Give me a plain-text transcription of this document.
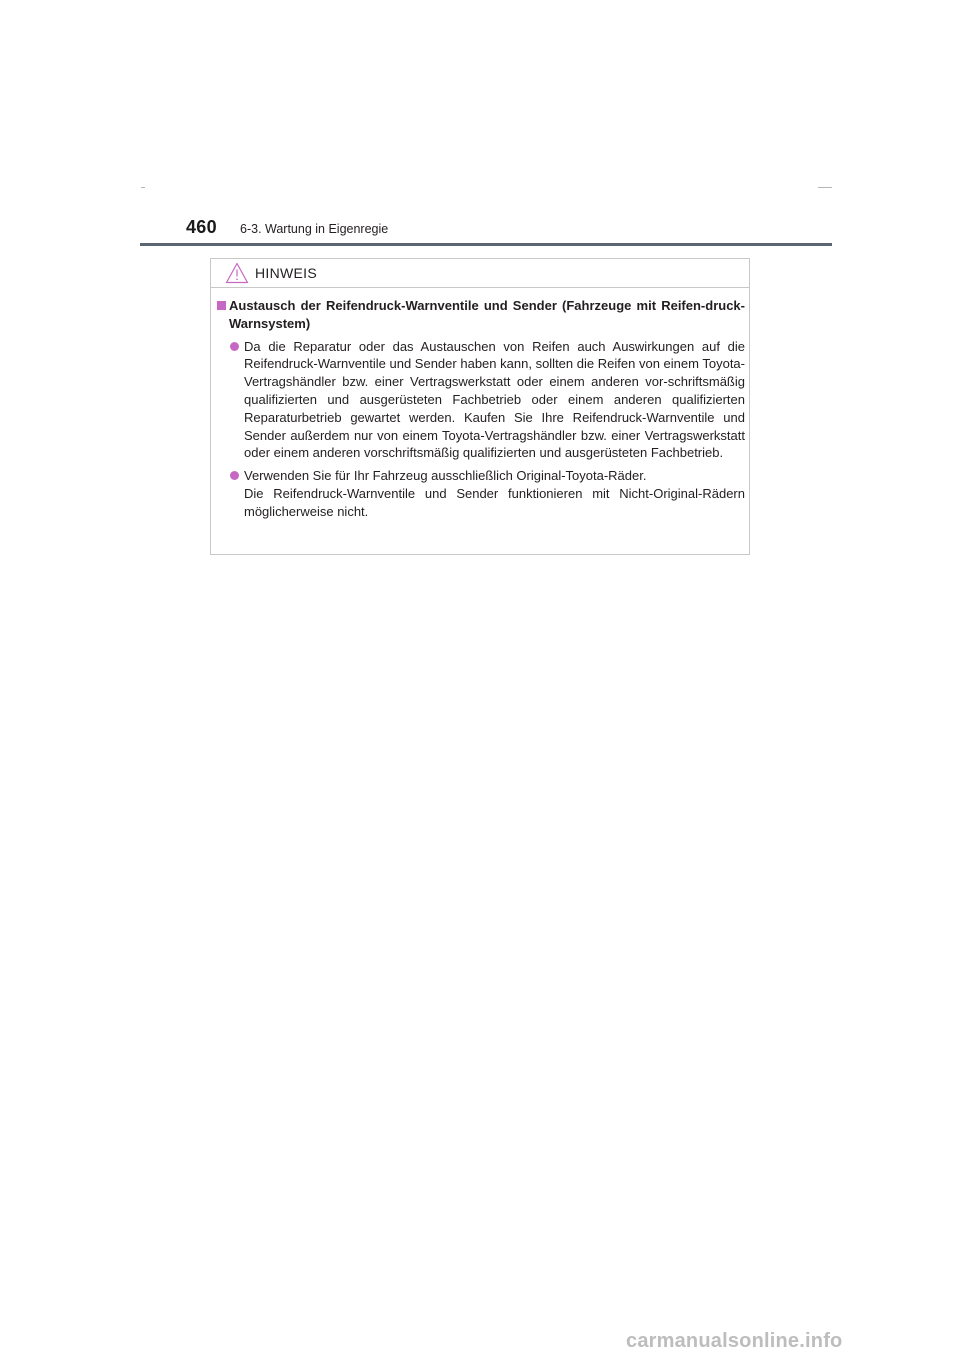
460 6-3. Wartung in Eigenregie
HINWEIS
Austausch der Reifendruck-Warnventile und Sender (Fahrzeuge mit Reifen-druck-Warnsystem)
Da die Reparatur oder das Austauschen von Reifen auch Auswirkungen auf die Reifendruck-Warnventile und Sender haben kann, sollten die Reifen von einem Toyota-Vertragshändler bzw. einer Vertragswerkstatt oder einem anderen vor-schriftsmäßig qualifizierten und ausgerüsteten Fachbetrieb oder einem anderen qualifizierten Reparaturbetrieb gewartet werden. Kaufen Sie Ihre Reifendruck-Warnventile und Sender außerdem nur von einem Toyota-Vertragshändler bzw. einer Vertragswerkstatt oder einem anderen vorschriftsmäßig qualifizierten und ausgerüsteten Fachbetrieb.
Verwenden Sie für Ihr Fahrzeug ausschließlich Original-Toyota-Räder.
Die Reifendruck-Warnventile und Sender funktionieren mit Nicht-Original-Rädern möglicherweise nicht.
carmanualsonline.info
